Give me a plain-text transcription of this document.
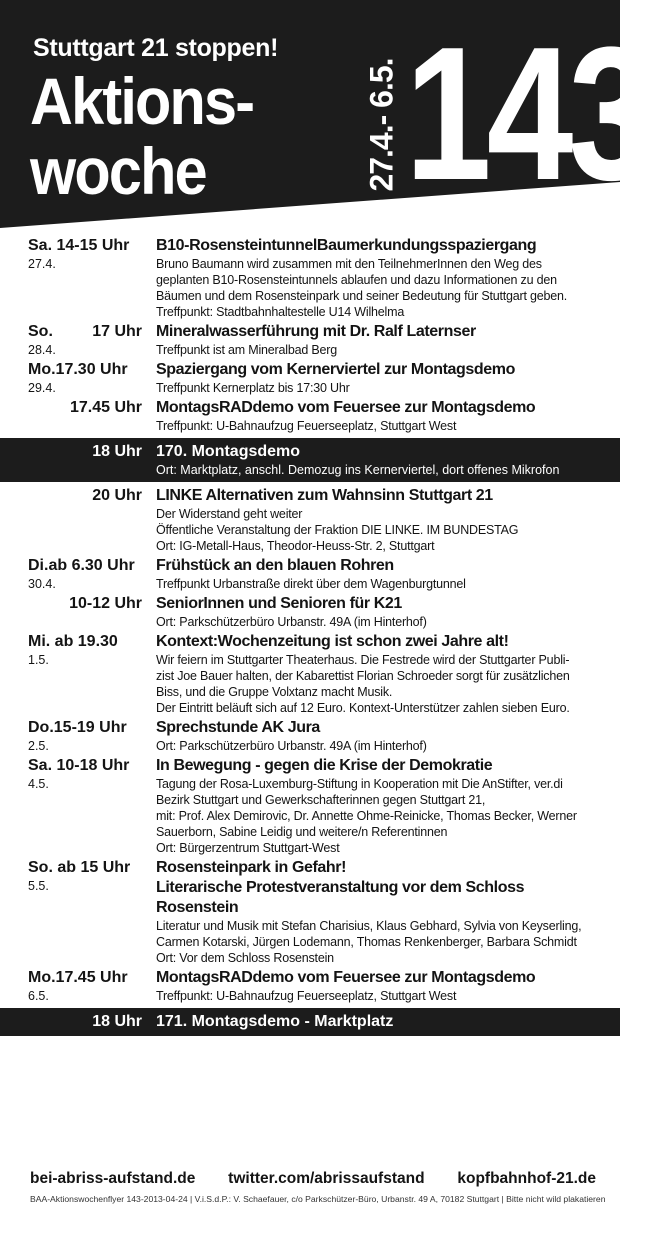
Stuttgart 21 stoppen!
Aktions-
woche	27.4.- 6.5. 143
Sa. 14-15 Uhr
27.4.
B10-RosensteintunnelBaumerkundungsspaziergang
Bruno Baumann wird zusammen mit den TeilnehmerInnen den Weg des
geplanten B10-Rosensteintunnels ablaufen und dazu Informationen zu den
Bäumen und dem Rosensteinpark und seiner Bedeutung für Stuttgart geben.
Treffpunkt: Stadtbahnhaltestelle U14 Wilhelma
So.	17 Uhr
28.4.
Mineralwasserführung mit Dr. Ralf Laternser
Treffpunkt ist am Mineralbad Berg
Mo.17.30 Uhr
29.4.
Spaziergang vom Kernerviertel zur Montagsdemo
Treffpunkt Kernerplatz bis 17:30 Uhr
17.45 Uhr MontagsRADdemo vom Feuersee zur Montagsdemo
Treffpunkt: U-Bahnaufzug Feuerseeplatz, Stuttgart West
18 Uhr 170. Montagsdemo
Ort: Marktplatz, anschl. Demozug ins Kernerviertel, dort offenes Mikrofon
20 Uhr LINKE Alternativen zum Wahnsinn Stuttgart 21
Der Widerstand geht weiter
Öffentliche Veranstaltung der Fraktion DIE LINKE. IM BUNDESTAG
Ort: IG-Metall-Haus, Theodor-Heuss-Str. 2, Stuttgart
Di.ab 6.30 Uhr
30.4.
Frühstück an den blauen Rohren
Treffpunkt Urbanstraße direkt über dem Wagenburgtunnel
10-12 Uhr SeniorInnen und Senioren für K21
Ort: Parkschützerbüro Urbanstr. 49A (im Hinterhof)
Mi. ab 19.30
1.5.
Kontext:Wochenzeitung ist schon zwei Jahre alt!
Wir feiern im Stuttgarter Theaterhaus. Die Festrede wird der Stuttgarter Publi-
zist Joe Bauer halten, der Kabarettist Florian Schroeder sorgt für zusätzlichen
Biss, und die Gruppe Volxtanz macht Musik.
Der Eintritt beläuft sich auf 12 Euro. Kontext-Unterstützer zahlen sieben Euro.
Do.15-19 Uhr
2.5.
Sprechstunde AK Jura
Ort: Parkschützerbüro Urbanstr. 49A (im Hinterhof)
Sa. 10-18 Uhr
4.5.
In Bewegung - gegen die Krise der Demokratie
Tagung der Rosa-Luxemburg-Stiftung in Kooperation mit Die AnStifter, ver.di
Bezirk Stuttgart und Gewerkschafterinnen gegen Stuttgart 21,
mit: Prof. Alex Demirovic, Dr. Annette Ohme-Reinicke, Thomas Becker, Werner
Sauerborn, Sabine Leidig und weitere/n Referentinnen
Ort: Bürgerzentrum Stuttgart-West
So. ab 15 Uhr
5.5.
Rosensteinpark in Gefahr!
Literarische Protestveranstaltung vor dem Schloss Rosenstein
Literatur und Musik mit Stefan Charisius, Klaus Gebhard, Sylvia von Keyserling,
Carmen Kotarski, Jürgen Lodemann, Thomas Renkenberger, Barbara Schmidt
Ort: Vor dem Schloss Rosenstein
Mo.17.45 Uhr
6.5.
MontagsRADdemo vom Feuersee zur Montagsdemo
Treffpunkt: U-Bahnaufzug Feuerseeplatz, Stuttgart West
18 Uhr 171. Montagsdemo - Marktplatz
bei-abriss-aufstand.de twitter.com/abrissaufstand kopfbahnhof-21.de
BAA-Aktionswochenflyer 143-2013-04-24 | V.i.S.d.P.: V. Schaefauer, c/o Parkschützer-Büro, Urbanstr. 49 A, 70182 Stuttgart | Bitte nicht wild plakatieren
